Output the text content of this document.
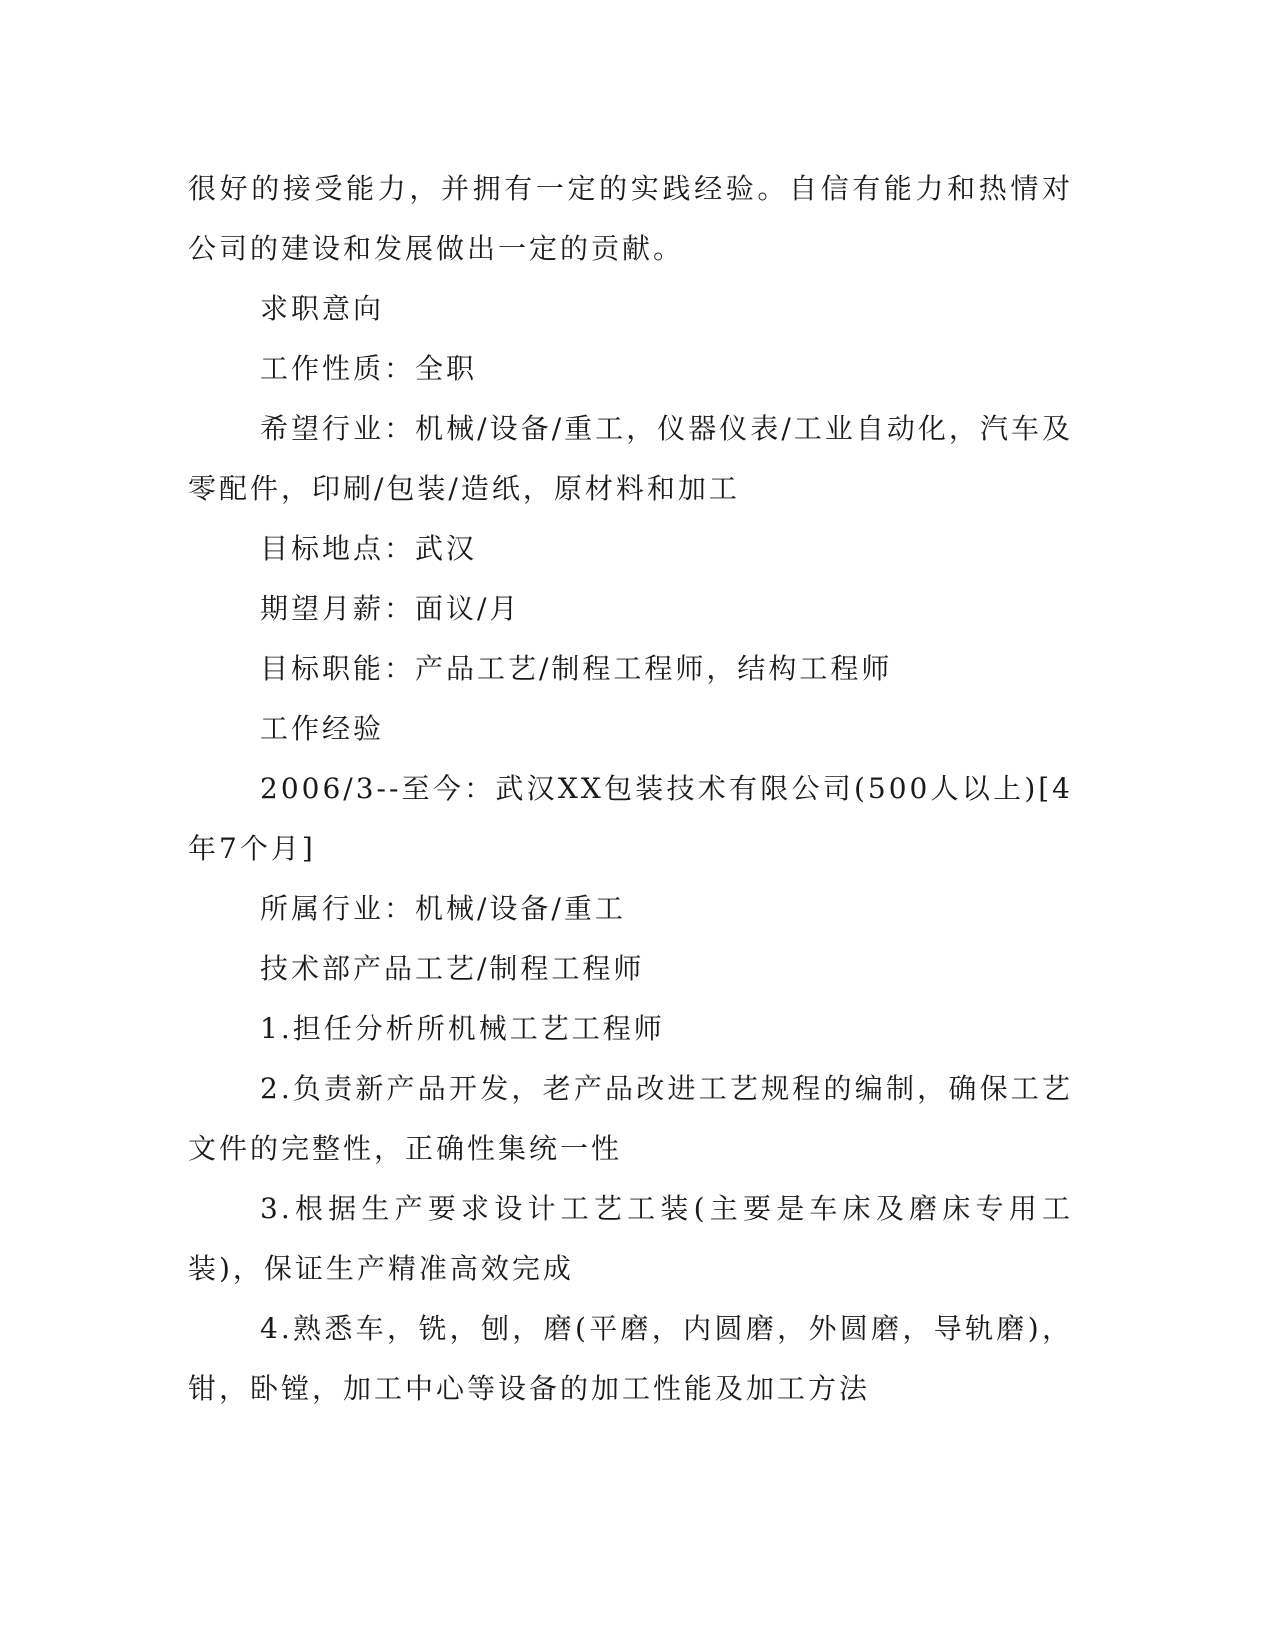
很好的接受能力，并拥有一定的实践经验。自信有能力和热情对公司的建设和发展做出一定的贡献。

求职意向

工作性质：全职

希望行业：机械/设备/重工，仪器仪表/工业自动化，汽车及零配件，印刷/包装/造纸，原材料和加工

目标地点：武汉

期望月薪：面议/月

目标职能：产品工艺/制程工程师，结构工程师

工作经验

2006/3--至今：武汉XX包装技术有限公司(500人以上)[4年7个月]

所属行业：机械/设备/重工

技术部产品工艺/制程工程师

1.担任分析所机械工艺工程师

2.负责新产品开发，老产品改进工艺规程的编制，确保工艺文件的完整性，正确性集统一性

3.根据生产要求设计工艺工装(主要是车床及磨床专用工装)，保证生产精准高效完成

4.熟悉车，铣，刨，磨(平磨，内圆磨，外圆磨，导轨磨)，钳，卧镗，加工中心等设备的加工性能及加工方法
